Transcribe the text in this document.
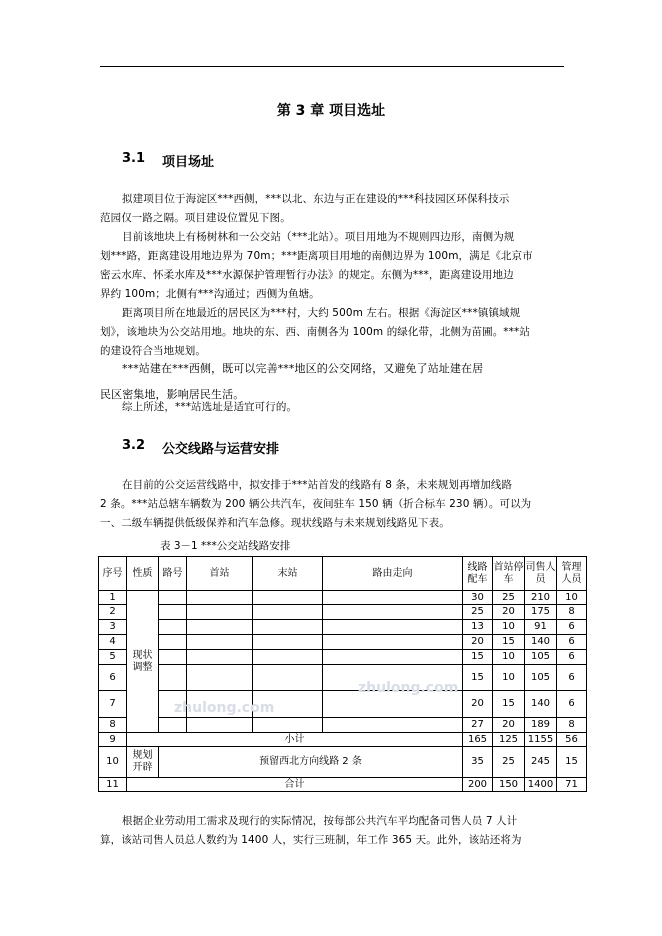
第 3 章 项目选址
3.1 项目场址
拟建项目位于海淀区***西侧，***以北、东边与正在建设的***科技园区环保科技示
范园仅一路之隔。项目建设位置见下图。
目前该地块上有杨树林和一公交站（***北站）。项目用地为不规则四边形，南侧为规
划***路，距离建设用地边界为 70m；***距离项目用地的南侧边界为 100m，满足《北京市
密云水库、怀柔水库及***水源保护管理暂行办法》的规定。东侧为***，距离建设用地边
界约 100m；北侧有***沟通过；西侧为鱼塘。
距离项目所在地最近的居民区为***村，大约 500m 左右。根据《海淀区***镇镇域规
划》，该地块为公交站用地。地块的东、西、南侧各为 100m 的绿化带，北侧为苗圃。***站
的建设符合当地规划。
***站建在***西侧，既可以完善***地区的公交网络，又避免了站址建在居
民区密集地，影响居民生活。
综上所述，***站选址是适宜可行的。
3.2 公交线路与运营安排
在目前的公交运营线路中，拟安排于***站首发的线路有 8 条，未来规划再增加线路
2 条。***站总辖车辆数为 200 辆公共汽车，夜间驻车 150 辆（折合标车 230 辆）。可以为
一、二级车辆提供低级保养和汽车急修。现状线路与未来规划线路见下表。
表 3－1 ***公交站线路安排
序号	性质	路号	首站	末站	路由走向	线路配车	首站停车	司售人员	管理人员
1	现状调整					30	25	210	10
2						25	20	175	8
3						13	10	91	6
4						20	15	140	6
5						15	10	105	6
6						15	10	105	6
7						20	15	140	6
8						27	20	189	8
9	小计					165	125	1155	56
10	规划开辟	预留西北方向线路 2 条				35	25	245	15
11	合计					200	150	1400	71
根据企业劳动用工需求及现行的实际情况，按每部公共汽车平均配备司售人员 7 人计
算，该站司售人员总人数约为 1400 人，实行三班制，年工作 365 天。此外，该站还将为
zhulong.com
zhulong.com
